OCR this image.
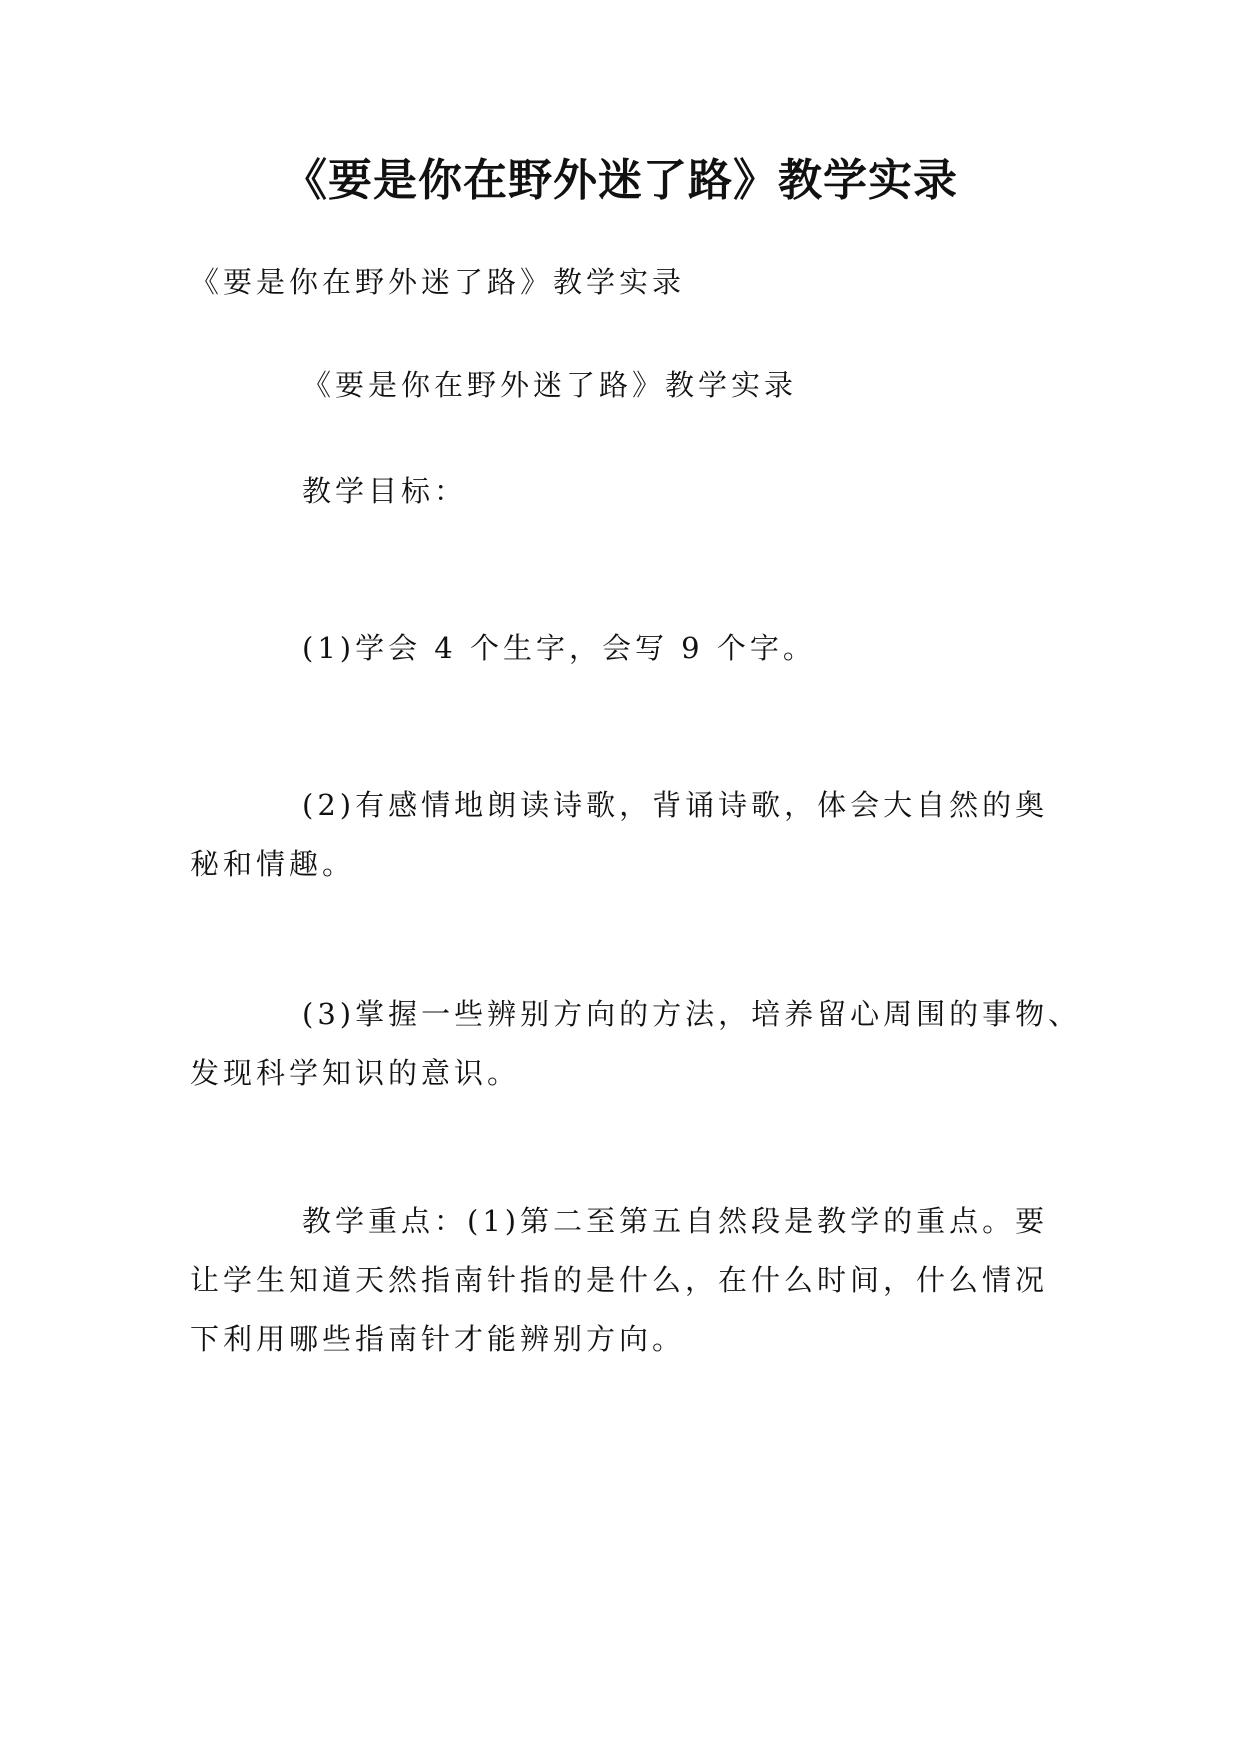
《要是你在野外迷了路》教学实录

《要是你在野外迷了路》教学实录

《要是你在野外迷了路》教学实录

教学目标：

(1)学会 4 个生字，会写 9 个字。

(2)有感情地朗读诗歌，背诵诗歌，体会大自然的奥
秘和情趣。

(3)掌握一些辨别方向的方法，培养留心周围的事物、
发现科学知识的意识。

教学重点：(1)第二至第五自然段是教学的重点。要
让学生知道天然指南针指的是什么，在什么时间，什么情况
下利用哪些指南针才能辨别方向。
